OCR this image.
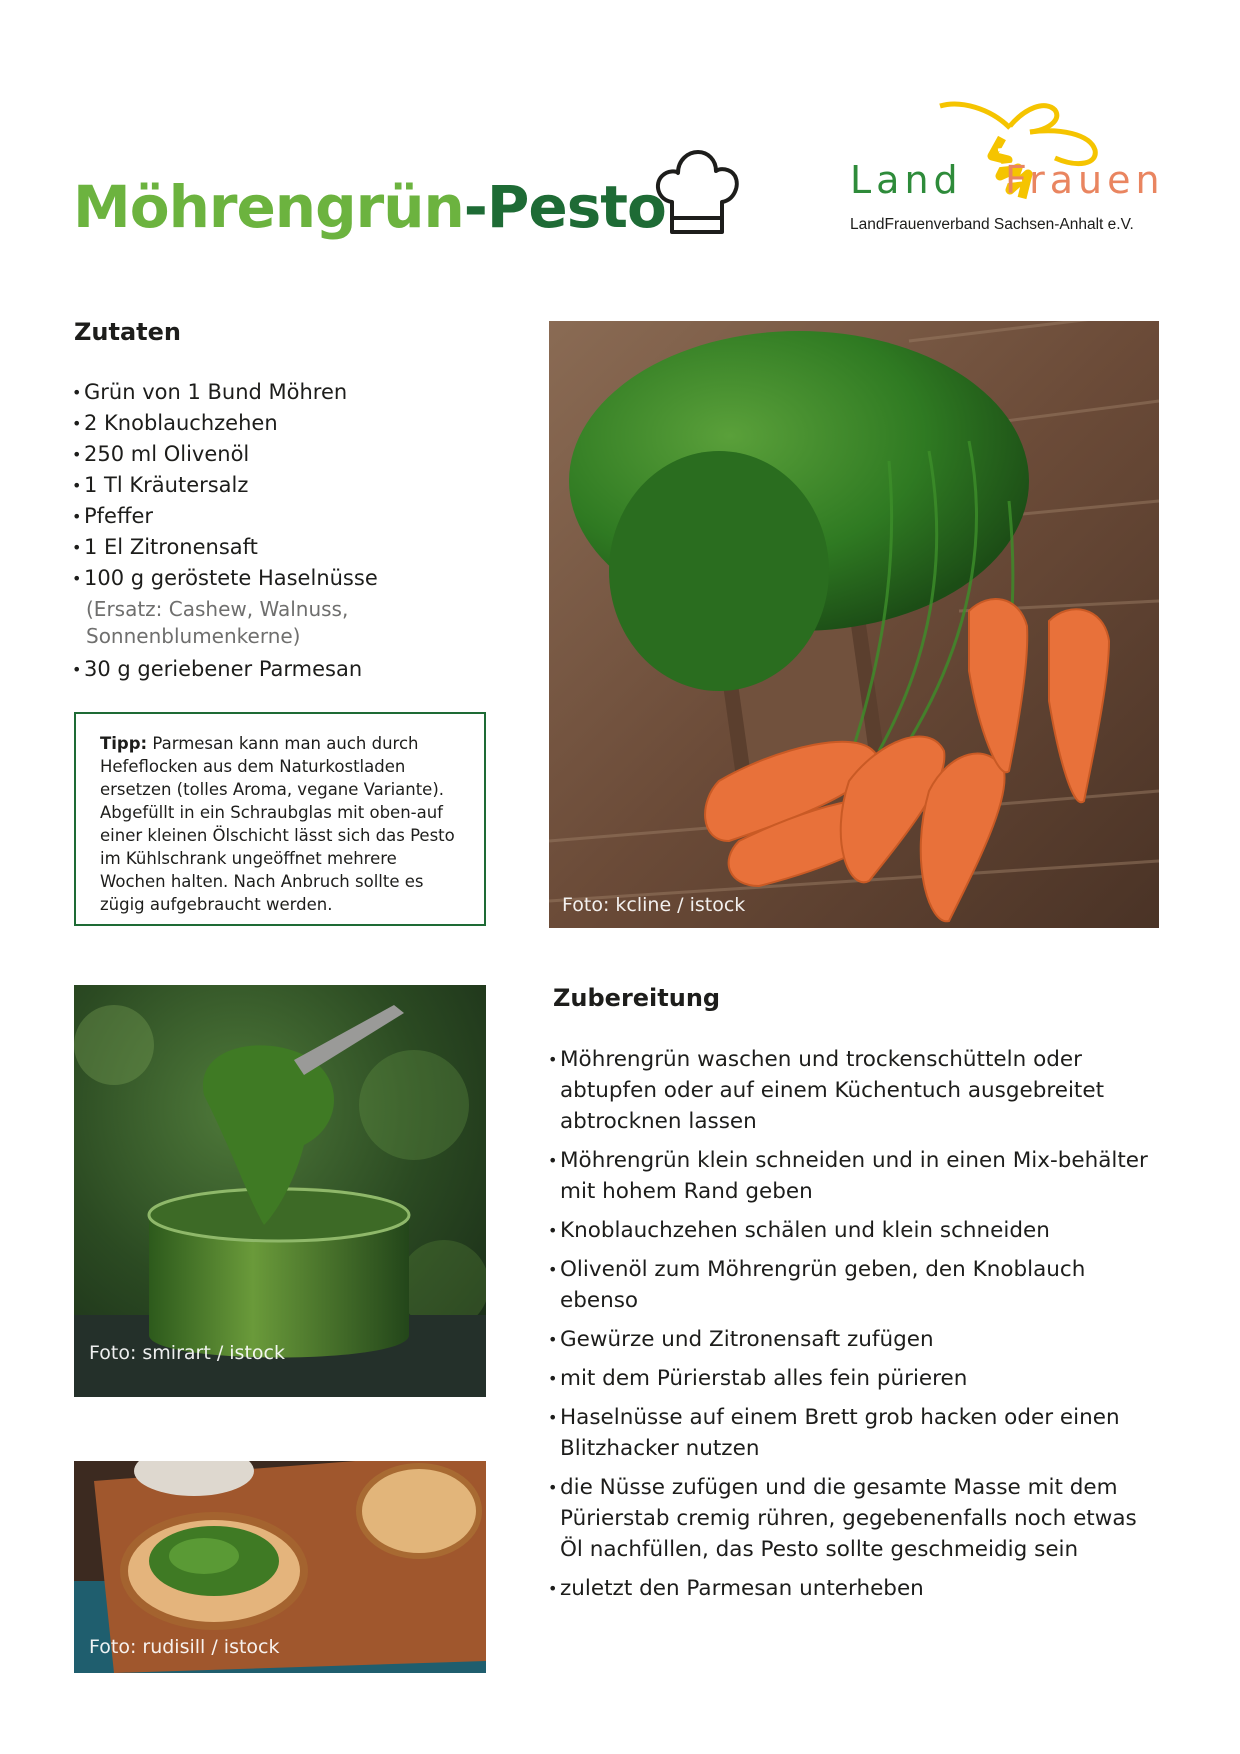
Möhrengrün-Pesto	Land Frauen
LandFrauenverband Sachsen-Anhalt e.V.
Zutaten
• Grün von 1 Bund Möhren
• 2 Knoblauchzehen
• 250 ml Olivenöl
• 1 Tl Kräutersalz
• Pfeffer
• 1 El Zitronensaft
• 100 g geröstete Haselnüsse
(Ersatz: Cashew, Walnuss,
Sonnenblumenkerne)
• 30 g geriebener Parmesan
Tipp: Parmesan kann man auch durch Hefeflocken aus dem Naturkostladen ersetzen (tolles Aroma, vegane Variante). Abgefüllt in ein Schraubglas mit oben-auf einer kleinen Ölschicht lässt sich das Pesto im Kühlschrank ungeöffnet mehrere Wochen halten. Nach Anbruch sollte es zügig aufgebraucht werden.	Foto: kcline / istock
Foto: smirart / istock
Foto: rudisill / istock
Zubereitung
• Möhrengrün waschen und trockenschütteln oder abtupfen oder auf einem Küchentuch ausgebreitet abtrocknen lassen
• Möhrengrün klein schneiden und in einen Mix-behälter mit hohem Rand geben
• Knoblauchzehen schälen und klein schneiden
• Olivenöl zum Möhrengrün geben, den Knoblauch ebenso
• Gewürze und Zitronensaft zufügen
• mit dem Pürierstab alles fein pürieren
• Haselnüsse auf einem Brett grob hacken oder einen Blitzhacker nutzen
• die Nüsse zufügen und die gesamte Masse mit dem Pürierstab cremig rühren, gegebenenfalls noch etwas Öl nachfüllen, das Pesto sollte geschmeidig sein
• zuletzt den Parmesan unterheben
